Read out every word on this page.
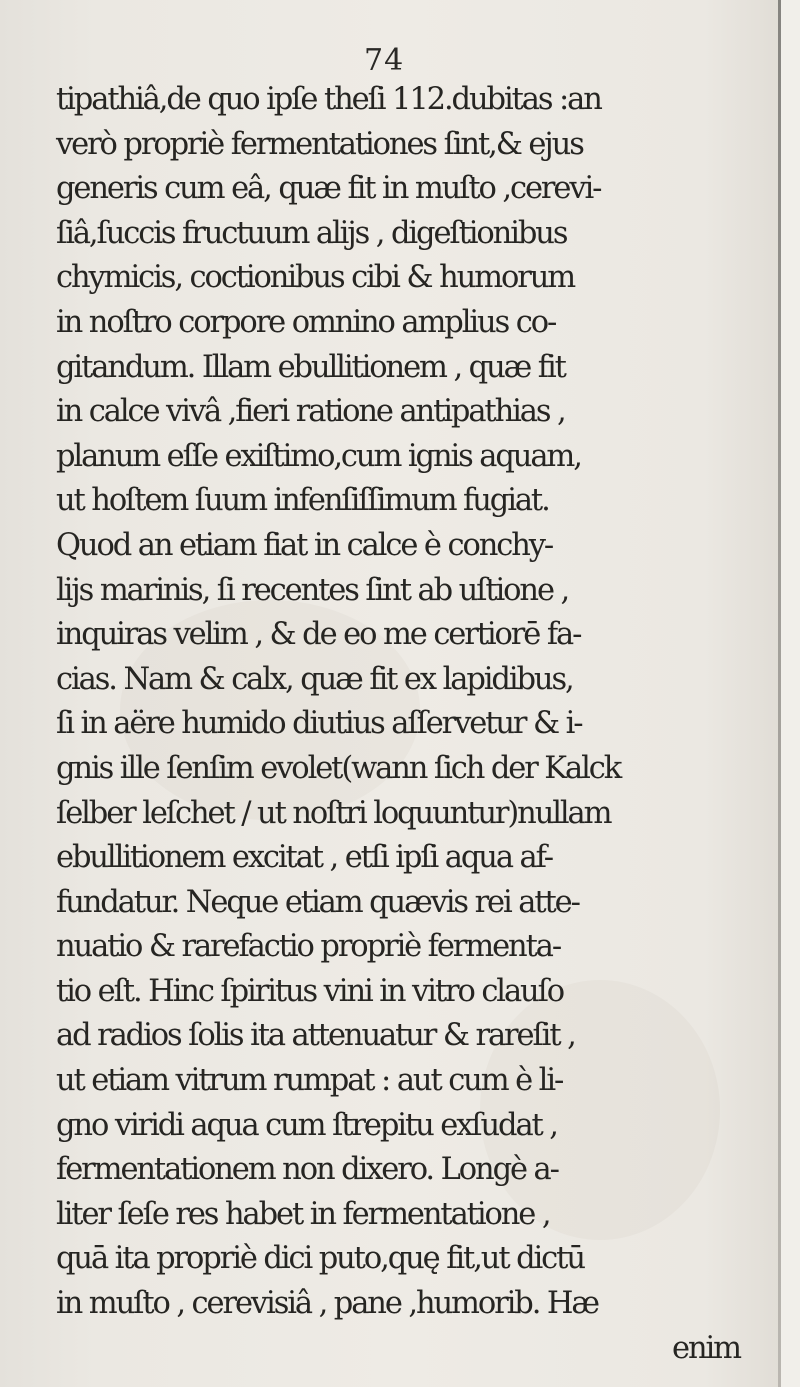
74
tipathiâ,de quo ipſe theſi 112.dubitas :an
verò propriè fermentationes ſint,& ejus
generis cum eâ, quæ fit in muſto ,cerevi-
ſiâ,ſuccis fructuum alijs , digeſtionibus
chymicis, coctionibus cibi & humorum
in noſtro corpore omnino amplius co-
gitandum. Illam ebullitionem , quæ fit
in calce vivâ ,fieri ratione antipathias ,
planum eſſe exiſtimo,cum ignis aquam,
ut hoſtem ſuum infenſiſſimum fugiat.
Quod an etiam fiat in calce è conchy-
lijs marinis, ſi recentes ſint ab uſtione ,
inquiras velim , & de eo me certiorē fa-
cias. Nam & calx, quæ fit ex lapidibus,
ſi in aëre humido diutius aſſervetur & i-
gnis ille ſenſim evolet(wann ſich der Kalck
ſelber leſchet / ut noſtri loquuntur)nullam
ebullitionem excitat , etſi ipſi aqua af-
fundatur. Neque etiam quævis rei atte-
nuatio & rarefactio propriè fermenta-
tio eſt. Hinc ſpiritus vini in vitro clauſo
ad radios ſolis ita attenuatur & rareſit ,
ut etiam vitrum rumpat : aut cum è li-
gno viridi aqua cum ſtrepitu exſudat ,
fermentationem non dixero. Longè a-
liter ſeſe res habet in fermentatione ,
quā ita propriè dici puto,quę fit,ut dictū
in muſto , cerevisiâ , pane ,humorib. Hæ
enim
